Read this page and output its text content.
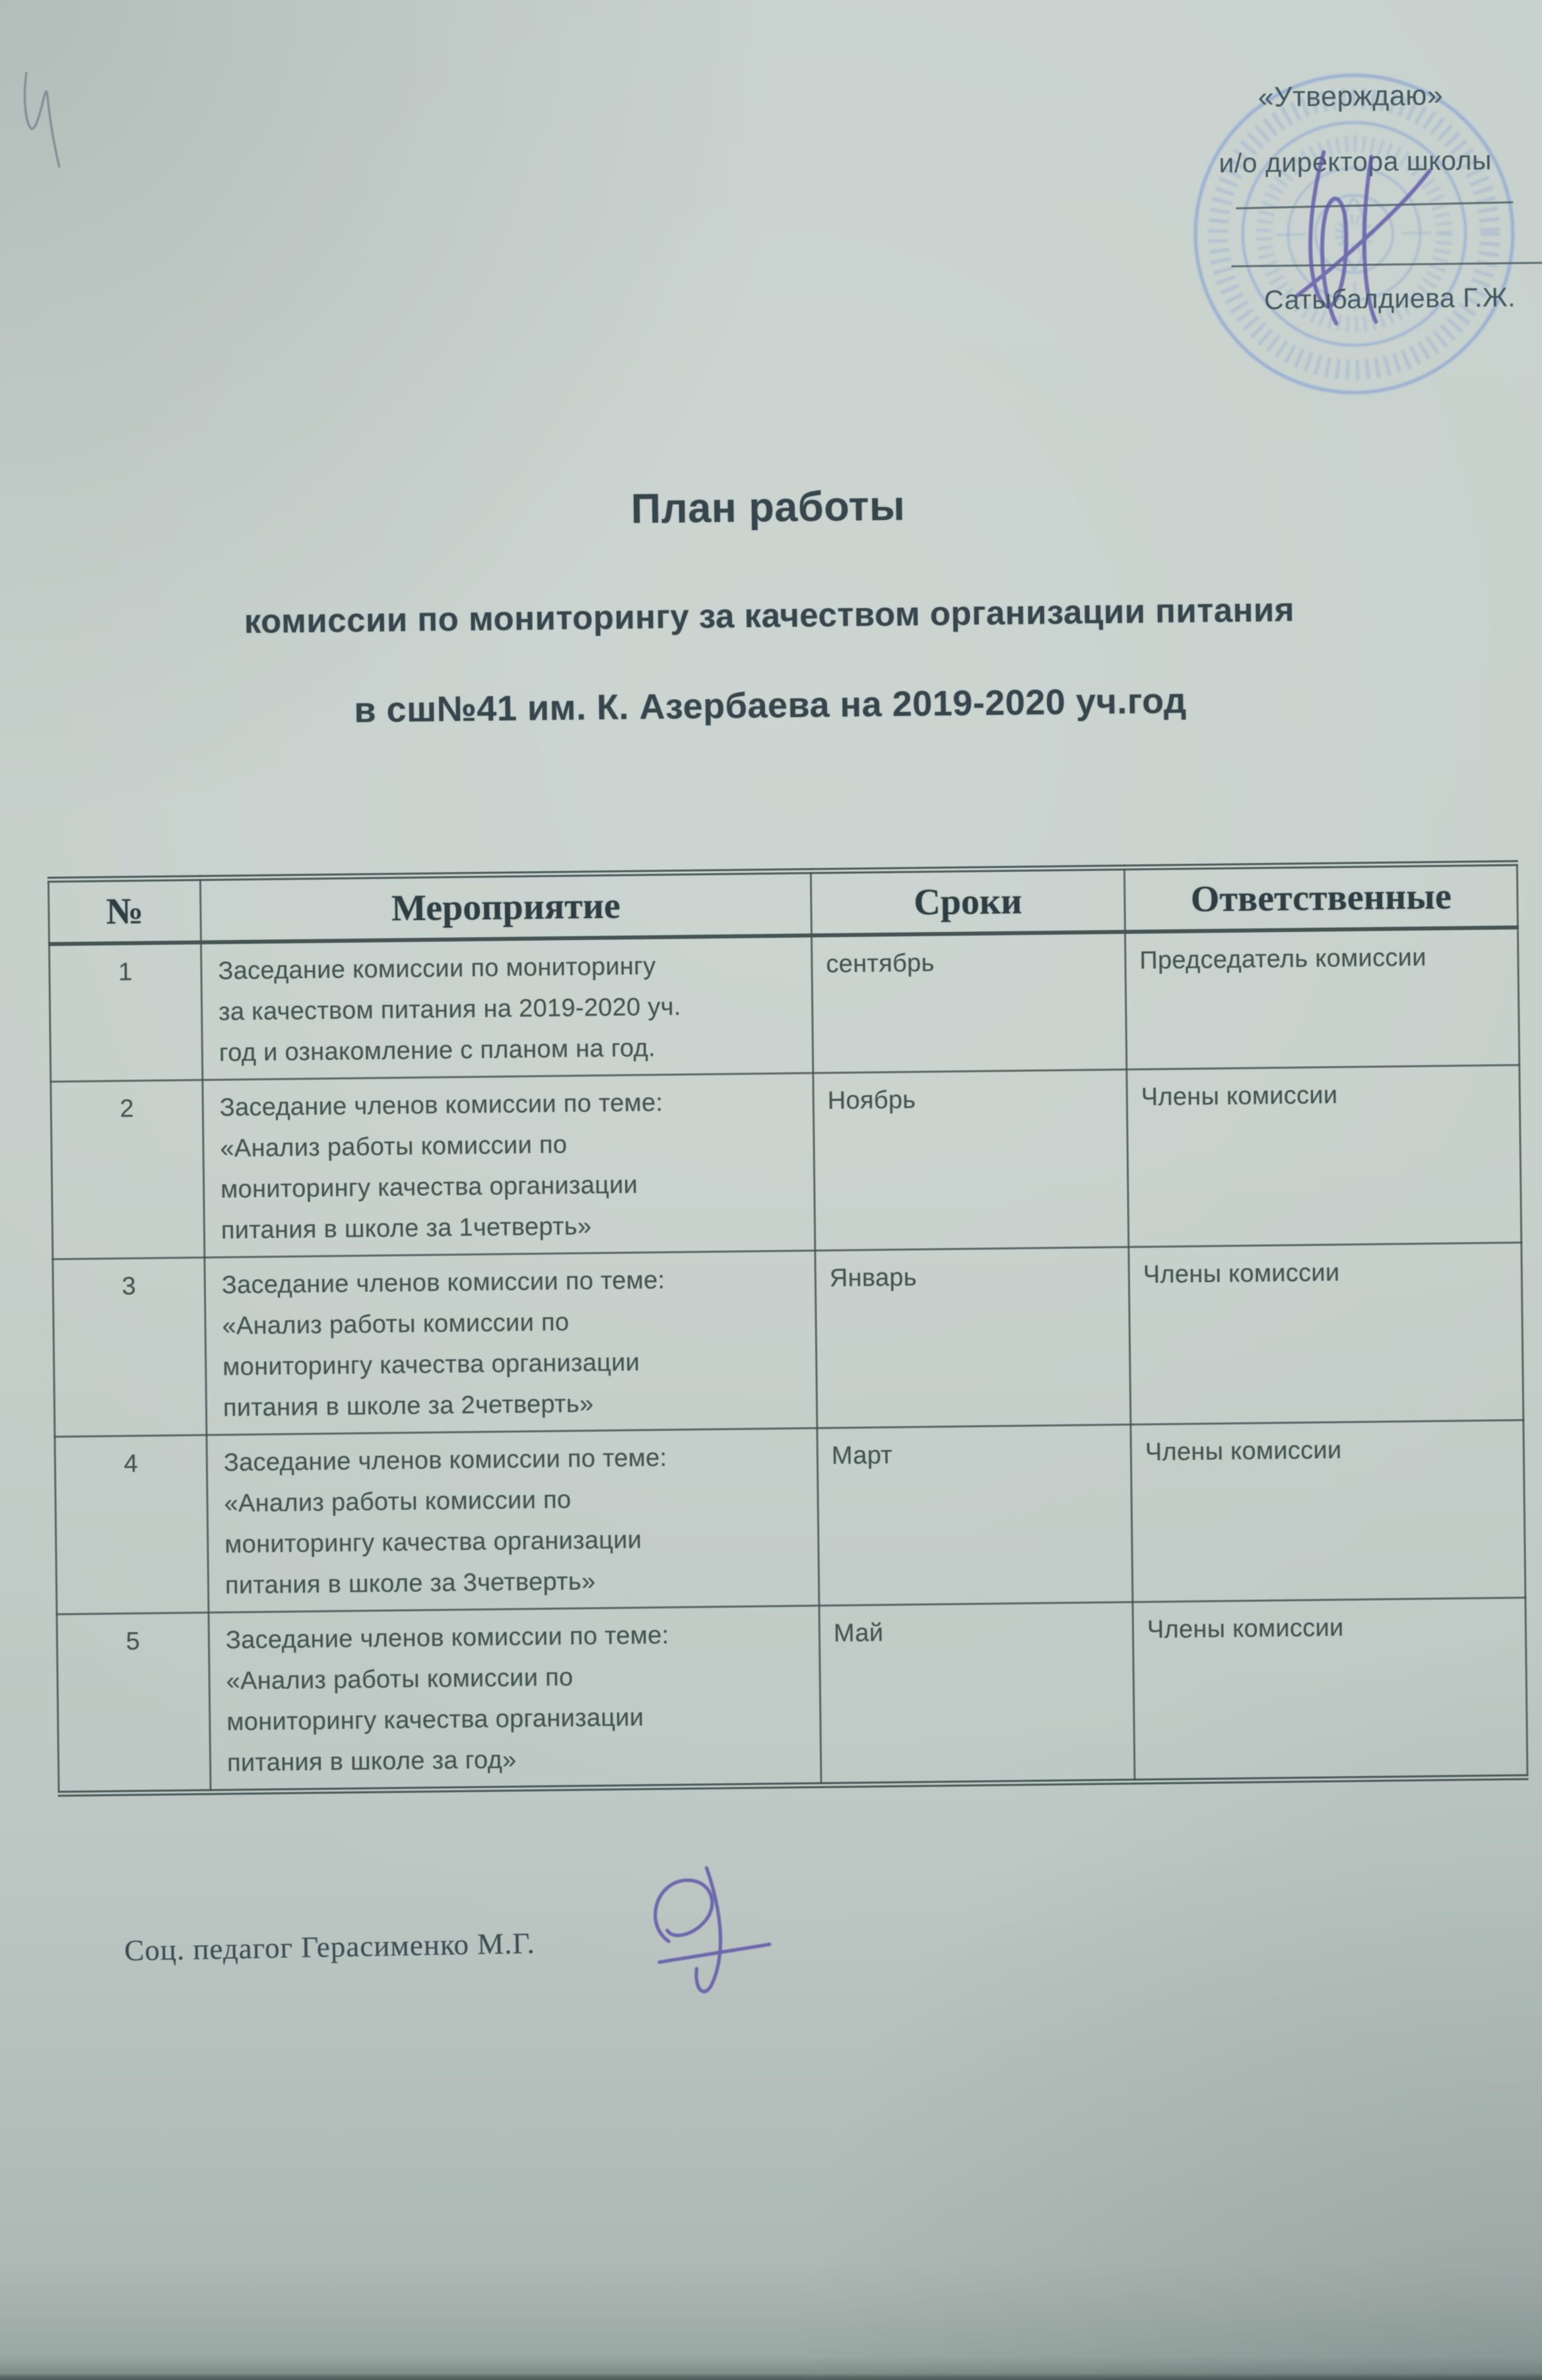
«Утверждаю»
и/о директора школы
Сатыбалдиева Г.Ж.
План работы
комиссии по мониторингу за качеством организации питания
в сш№41 им. К. Азербаева на 2019-2020 уч.год
№	Мероприятие	Сроки	Ответственные
1	Заседание комиссии по мониторингу
за качеством питания на 2019-2020 уч.
год и ознакомление с планом на год.	сентябрь	Председатель комиссии
2	Заседание членов комиссии по теме:
«Анализ работы комиссии по
мониторингу качества организации
питания в школе за 1четверть»	Ноябрь	Члены комиссии
3	Заседание членов комиссии по теме:
«Анализ работы комиссии по
мониторингу качества организации
питания в школе за 2четверть»	Январь	Члены комиссии
4	Заседание членов комиссии по теме:
«Анализ работы комиссии по
мониторингу качества организации
питания в школе за 3четверть»	Март	Члены комиссии
5	Заседание членов комиссии по теме:
«Анализ работы комиссии по
мониторингу качества организации
питания в школе за год»	Май	Члены комиссии
Соц. педагог Герасименко М.Г.
